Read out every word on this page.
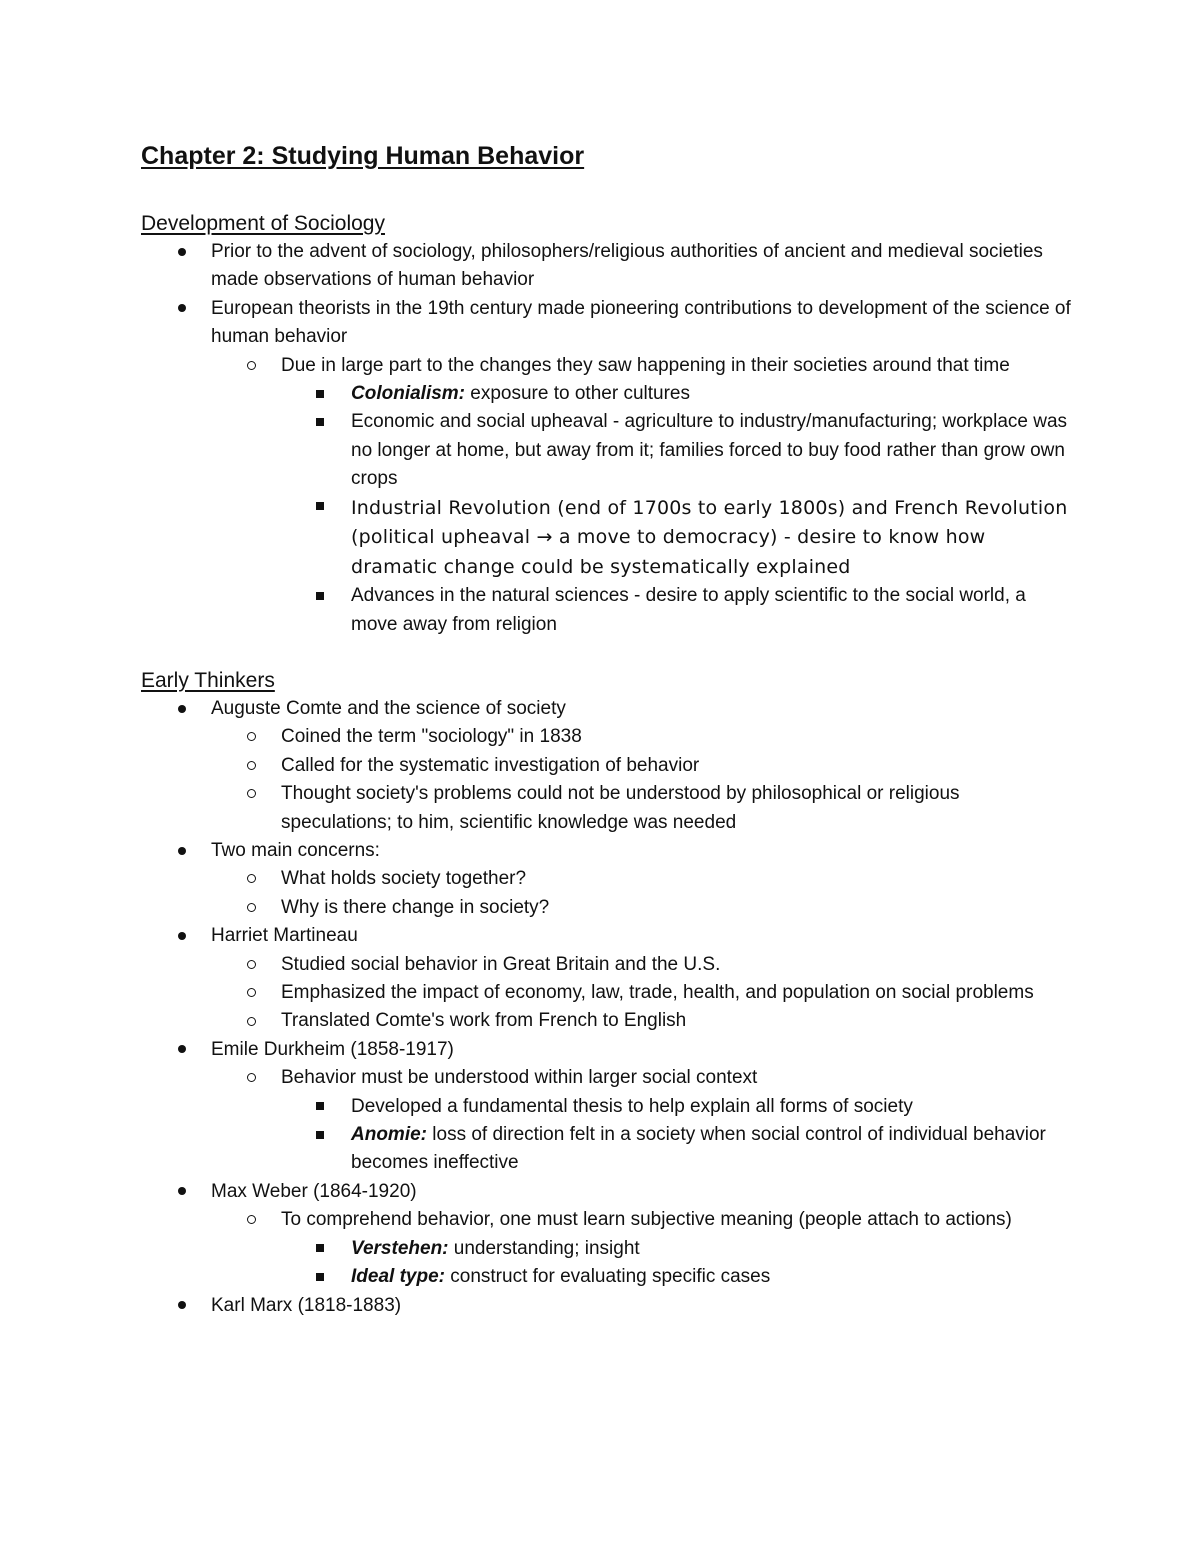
Chapter 2: Studying Human Behavior
Development of Sociology
Prior to the advent of sociology, philosophers/religious authorities of ancient and medieval societies made observations of human behavior
European theorists in the 19th century made pioneering contributions to development of the science of human behavior
Due in large part to the changes they saw happening in their societies around that time
Colonialism: exposure to other cultures
Economic and social upheaval - agriculture to industry/manufacturing; workplace was no longer at home, but away from it; families forced to buy food rather than grow own crops
Industrial Revolution (end of 1700s to early 1800s) and French Revolution (political upheaval → a move to democracy) - desire to know how dramatic change could be systematically explained
Advances in the natural sciences - desire to apply scientific to the social world, a move away from religion
Early Thinkers
Auguste Comte and the science of society
Coined the term "sociology" in 1838
Called for the systematic investigation of behavior
Thought society's problems could not be understood by philosophical or religious speculations; to him, scientific knowledge was needed
Two main concerns:
What holds society together?
Why is there change in society?
Harriet Martineau
Studied social behavior in Great Britain and the U.S.
Emphasized the impact of economy, law, trade, health, and population on social problems
Translated Comte's work from French to English
Emile Durkheim (1858-1917)
Behavior must be understood within larger social context
Developed a fundamental thesis to help explain all forms of society
Anomie: loss of direction felt in a society when social control of individual behavior becomes ineffective
Max Weber (1864-1920)
To comprehend behavior, one must learn subjective meaning (people attach to actions)
Verstehen: understanding; insight
Ideal type: construct for evaluating specific cases
Karl Marx (1818-1883)
